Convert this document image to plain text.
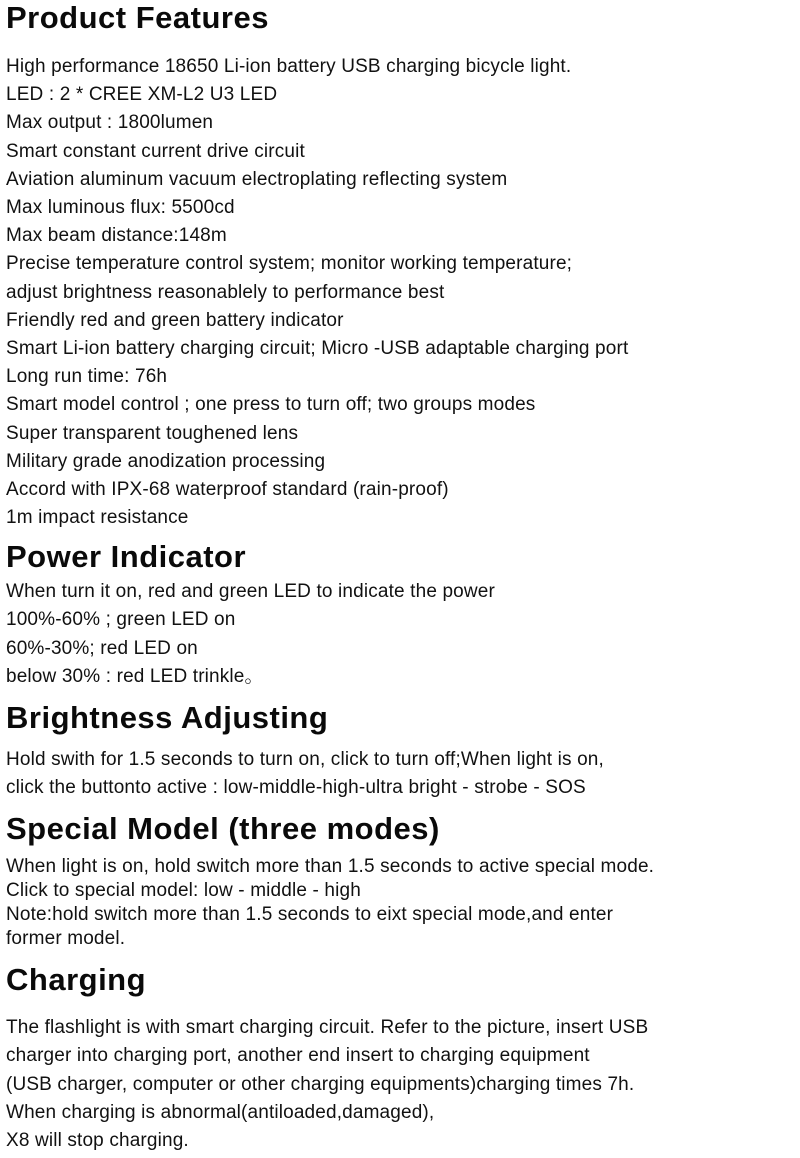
Product Features
High performance 18650 Li-ion battery USB charging bicycle light.
LED : 2 * CREE XM-L2 U3 LED
Max output : 1800lumen
Smart constant current drive circuit
Aviation aluminum vacuum electroplating reflecting system
Max luminous flux: 5500cd
Max beam distance:148m
Precise temperature control system; monitor working temperature;
adjust brightness reasonablely to performance best
Friendly red and green battery indicator
Smart Li-ion battery charging circuit; Micro -USB adaptable charging port
Long run time: 76h
Smart model control ; one press to turn off; two groups modes
Super transparent toughened lens
Military grade anodization processing
Accord with IPX-68 waterproof standard (rain-proof)
1m impact resistance
Power Indicator
When turn it on, red and green LED to indicate the power
100%-60% ; green LED on
60%-30%; red LED on
below 30% : red LED trinkle。
Brightness Adjusting
Hold swith for 1.5 seconds to turn on, click to turn off;When light is on,
click the buttonto active : low-middle-high-ultra bright - strobe - SOS
Special Model (three modes)
When light is on, hold switch more than 1.5 seconds to active special mode.
Click to special model: low - middle - high
Note:hold switch more than 1.5 seconds to eixt special mode,and enter
former model.
Charging
The flashlight is with smart charging circuit. Refer to the picture, insert USB
charger into charging port, another end insert to charging equipment
(USB charger, computer or other charging equipments)charging times 7h.
When charging is abnormal(antiloaded,damaged),
X8 will stop charging.
